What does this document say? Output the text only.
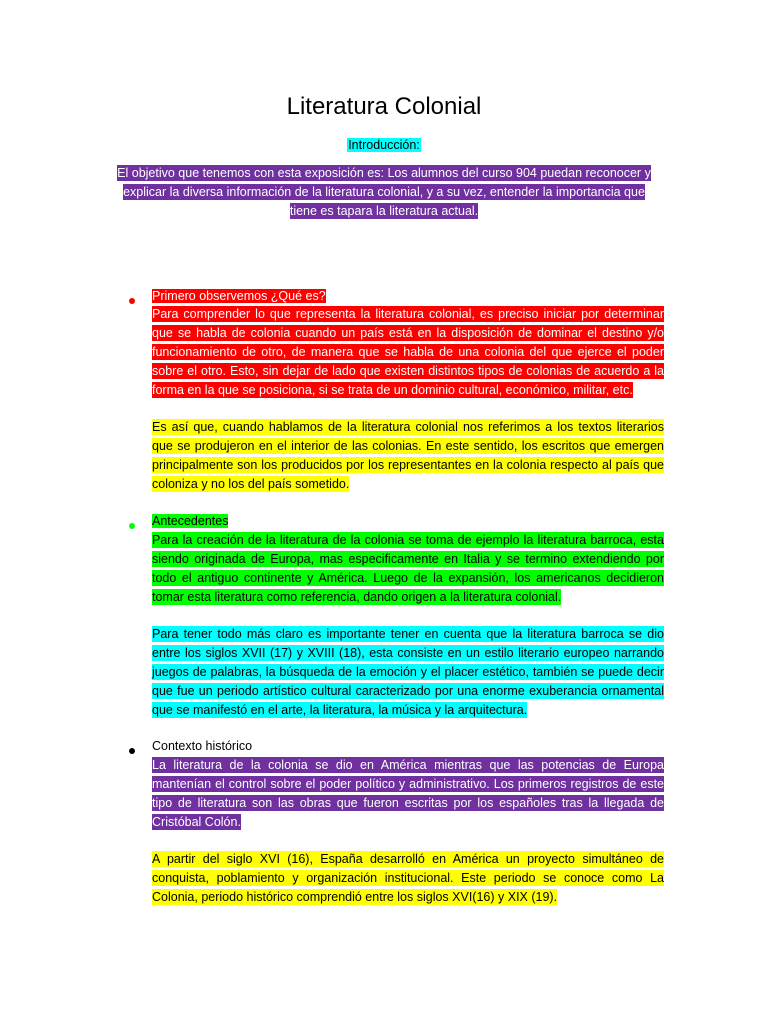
Literatura Colonial
Introducción:
El objetivo que tenemos con esta exposición es: Los alumnos del curso 904 puedan reconocer y explicar la diversa información de la literatura colonial, y a su vez, entender la importancia que tiene es tapara la literatura actual.
Primero observemos ¿Qué es?
Para comprender lo que representa la literatura colonial, es preciso iniciar por determinar que se habla de colonia cuando un país está en la disposición de dominar el destino y/o funcionamiento de otro, de manera que se habla de una colonia del que ejerce el poder sobre el otro. Esto, sin dejar de lado que existen distintos tipos de colonias de acuerdo a la forma en la que se posiciona, si se trata de un dominio cultural, económico, militar, etc.
Es así que, cuando hablamos de la literatura colonial nos referimos a los textos literarios que se produjeron en el interior de las colonias. En este sentido, los escritos que emergen principalmente son los producidos por los representantes en la colonia respecto al país que coloniza y no los del país sometido.
Antecedentes
Para la creación de la literatura de la colonia se toma de ejemplo la literatura barroca, esta siendo originada de Europa, mas especificamente en Italia y se termino extendiendo por todo el antiguo continente y América. Luego de la expansión, los americanos decidieron tomar esta literatura como referencia, dando origen a la literatura colonial.
Para tener todo más claro es importante tener en cuenta que la literatura barroca se dio entre los siglos XVII (17) y XVIII (18), esta consiste en un estilo literario europeo narrando juegos de palabras, la búsqueda de la emoción y el placer estético, también se puede decir que fue un periodo artístico cultural caracterizado por una enorme exuberancia ornamental que se manifestó en el arte, la literatura, la música y la arquitectura.
Contexto histórico
La literatura de la colonia se dio en América mientras que las potencias de Europa mantenían el control sobre el poder político y administrativo. Los primeros registros de este tipo de literatura son las obras que fueron escritas por los españoles tras la llegada de Cristóbal Colón.
A partir del siglo XVI (16), España desarrolló en América un proyecto simultáneo de conquista, poblamiento y organización institucional. Este periodo se conoce como La Colonia, periodo histórico comprendió entre los siglos XVI(16) y XIX (19).
